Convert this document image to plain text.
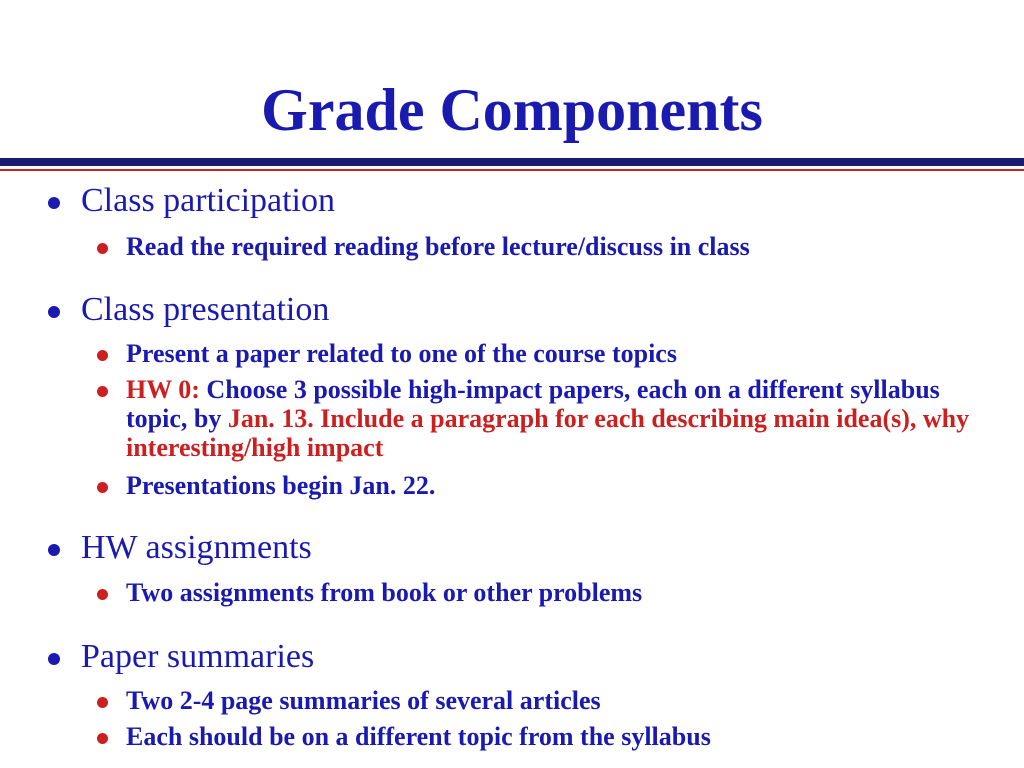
Grade Components
Class participation
Read the required reading before lecture/discuss in class
Class presentation
Present a paper related to one of the course topics
HW 0: Choose 3 possible high-impact papers, each on a different syllabus topic, by Jan. 13. Include a paragraph for each describing main idea(s), why interesting/high impact
Presentations begin Jan. 22.
HW assignments
Two assignments from book or other problems
Paper summaries
Two 2-4 page summaries of several articles
Each should be on a different topic from the syllabus
